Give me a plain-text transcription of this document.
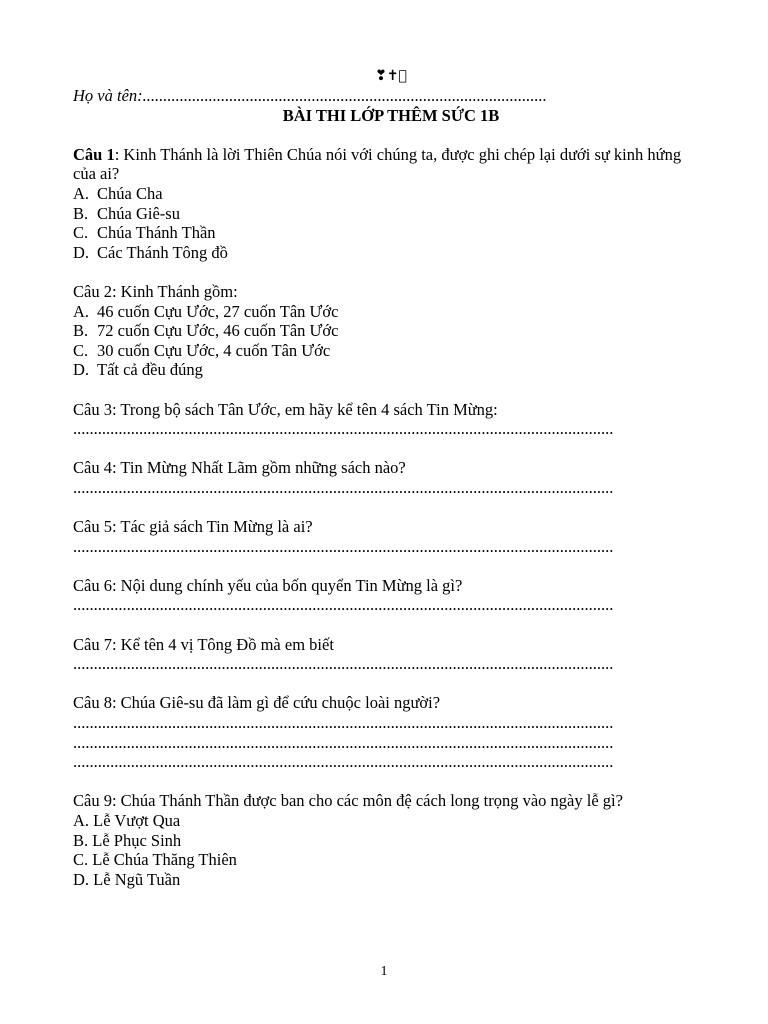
❣✝⃝
Họ và tên:..................................................................................................
BÀI THI LỚP THÊM SỨC 1B
Câu 1: Kinh Thánh là lời Thiên Chúa nói với chúng ta, được ghi chép lại dưới sự kinh hứng của ai?
A. Chúa Cha
B. Chúa Giê-su
C. Chúa Thánh Thần
D. Các Thánh Tông đồ
Câu 2: Kinh Thánh gồm:
A. 46 cuốn Cựu Ước, 27 cuốn Tân Ước
B. 72 cuốn Cựu Ước, 46 cuốn Tân Ước
C. 30 cuốn Cựu Ước, 4 cuốn Tân Ước
D. Tất cả đều đúng
Câu 3: Trong bộ sách Tân Ước, em hãy kể tên 4 sách Tin Mừng:
...................................................................................................................................
Câu 4: Tin Mừng Nhất Lãm gồm những sách nào?
...................................................................................................................................
Câu 5: Tác giả sách Tin Mừng là ai?
...................................................................................................................................
Câu 6: Nội dung chính yếu của bốn quyển Tin Mừng là gì?
...................................................................................................................................
Câu 7: Kể tên 4 vị Tông Đồ mà em biết
...................................................................................................................................
Câu 8: Chúa Giê-su đã làm gì để cứu chuộc loài người?
...................................................................................................................................
...................................................................................................................................
...................................................................................................................................
Câu 9: Chúa Thánh Thần được ban cho các môn đệ cách long trọng vào ngày lễ gì?
A. Lễ Vượt Qua
B. Lễ Phục Sinh
C. Lễ Chúa Thăng Thiên
D. Lễ Ngũ Tuần
1
